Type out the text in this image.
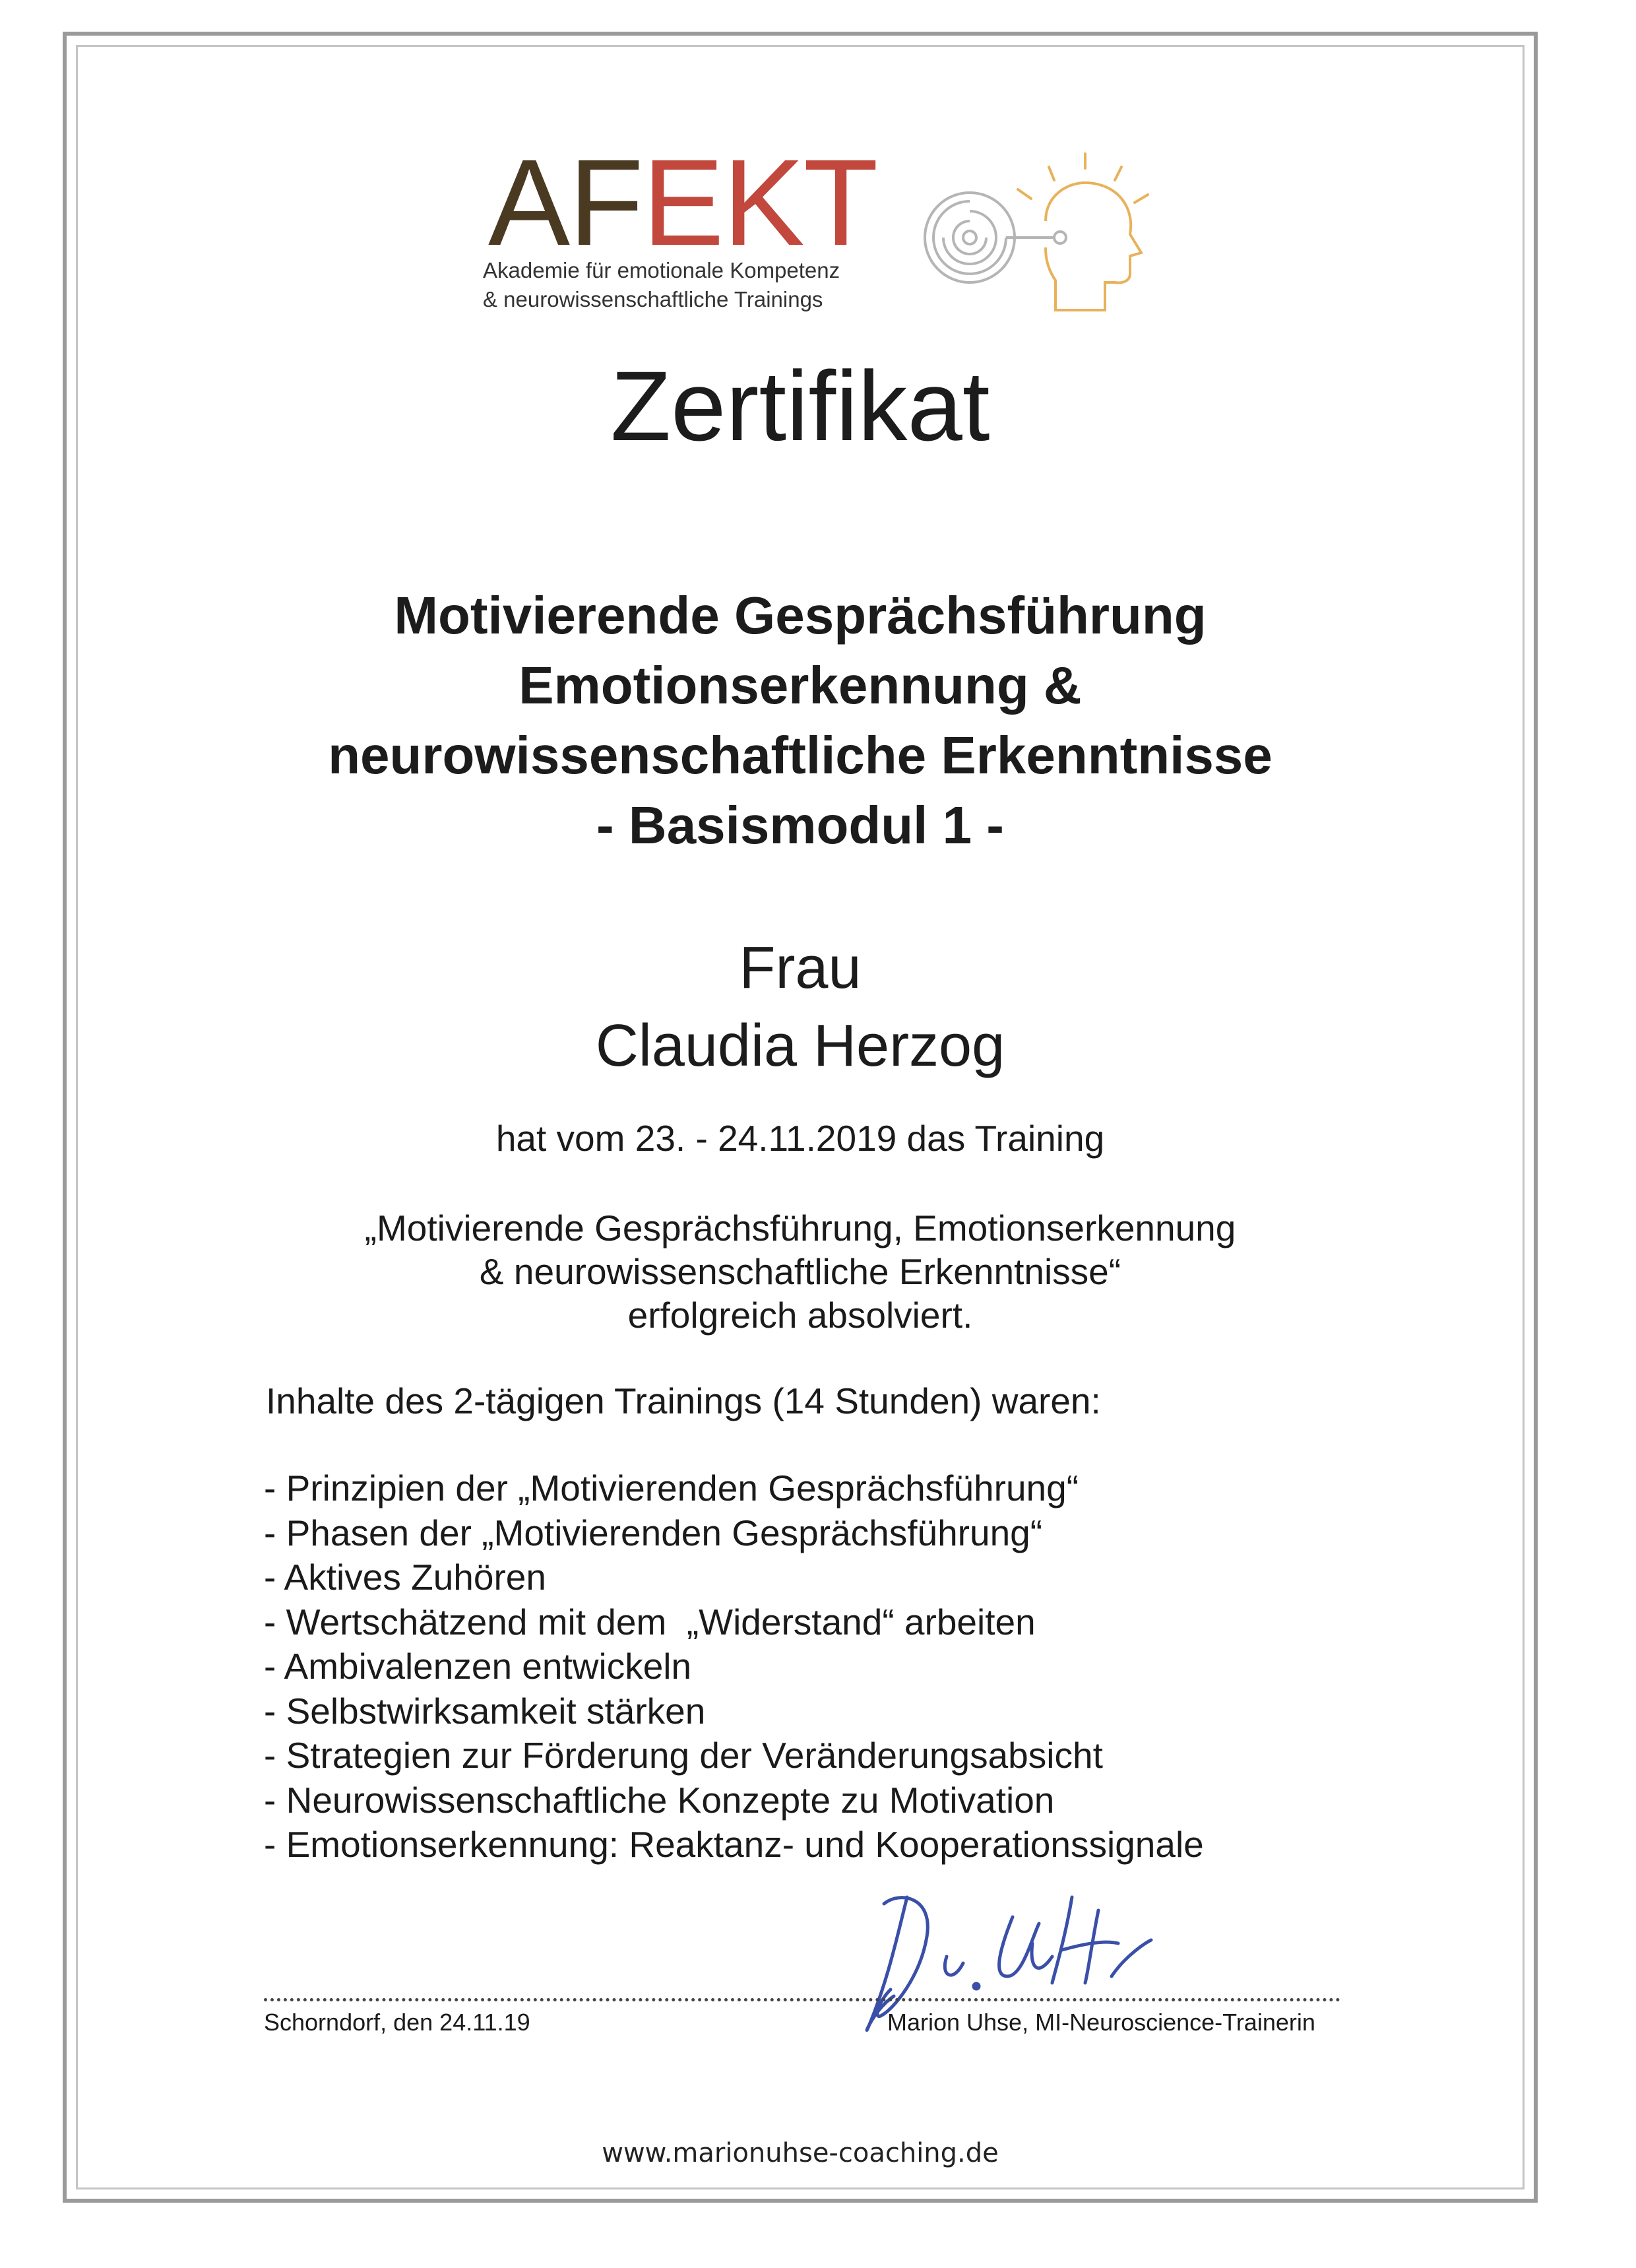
AFEKT
Akademie für emotionale Kompetenz
& neurowissenschaftliche Trainings
Zertifikat
Motivierende Gesprächsführung
Emotionserkennung &
neurowissenschaftliche Erkenntnisse
- Basismodul 1 -
Frau
Claudia Herzog
hat vom 23. - 24.11.2019 das Training
„Motivierende Gesprächsführung, Emotionserkennung
& neurowissenschaftliche Erkenntnisse“
erfolgreich absolviert.
Inhalte des 2-tägigen Trainings (14 Stunden) waren:
- Prinzipien der „Motivierenden Gesprächsführung“
- Phasen der „Motivierenden Gesprächsführung“
- Aktives Zuhören
- Wertschätzend mit dem  „Widerstand“ arbeiten
- Ambivalenzen entwickeln
- Selbstwirksamkeit stärken
- Strategien zur Förderung der Veränderungsabsicht
- Neurowissenschaftliche Konzepte zu Motivation
- Emotionserkennung: Reaktanz- und Kooperationssignale
Schorndorf, den 24.11.19	Marion Uhse, MI-Neuroscience-Trainerin
www.marionuhse-coaching.de
